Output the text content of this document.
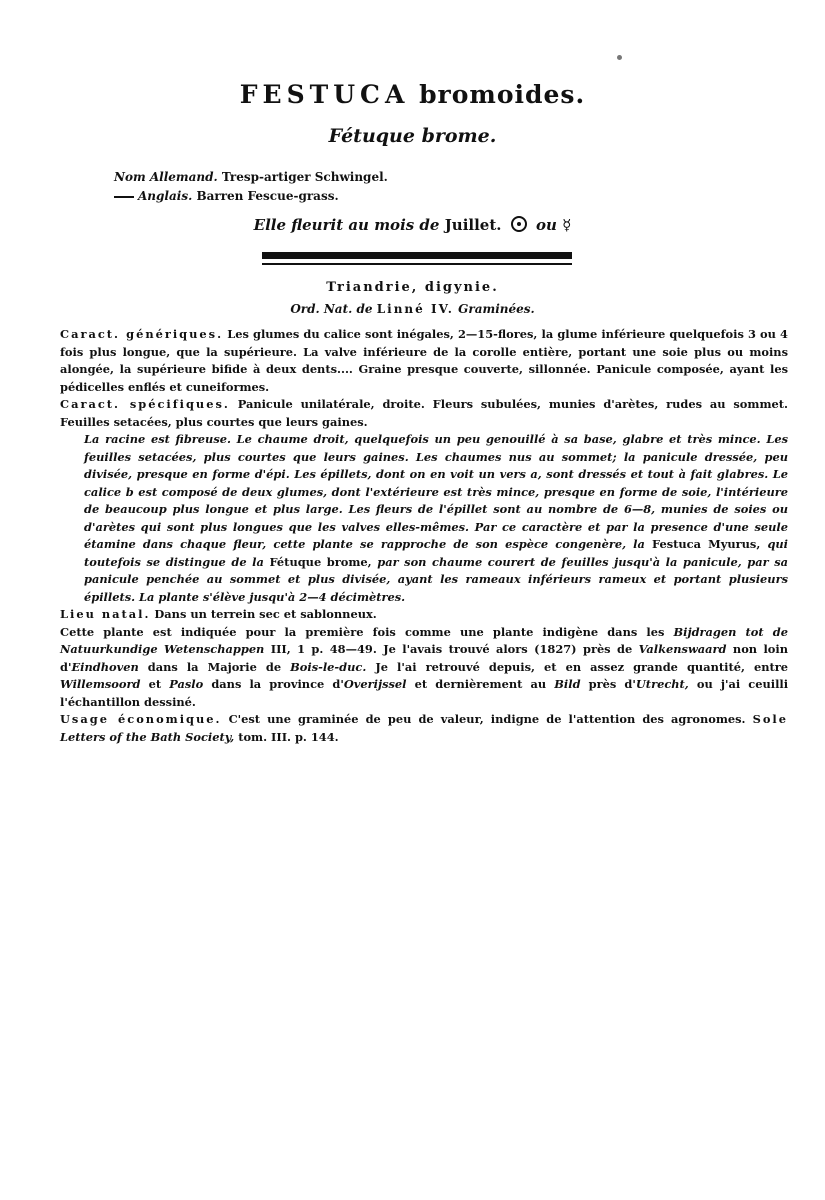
FESTUCA bromoides.
Fétuque brome.
Nom Allemand. Tresp-artiger Schwingel.
Anglais. Barren Fescue-grass.
Elle fleurit au mois de Juillet. ou ☿
Triandrie, digynie.
Ord. Nat. de Linné IV. Graminées.

Caract. génériques. Les glumes du calice sont inégales, 2—15-flores, la glume inférieure quelquefois 3 ou 4 fois plus longue, que la supérieure. La valve inférieure de la corolle entière, portant une soie plus ou moins alongée, la supérieure bifide à deux dents.... Graine presque couverte, sillonnée. Panicule composée, ayant les pédicelles enflés et cuneiformes.

Caract. spécifiques. Panicule unilatérale, droite. Fleurs subulées, munies d'arètes, rudes au sommet. Feuilles setacées, plus courtes que leurs gaines.

La racine est fibreuse. Le chaume droit, quelquefois un peu genouillé à sa base, glabre et très mince. Les feuilles setacées, plus courtes que leurs gaines. Les chaumes nus au sommet; la panicule dressée, peu divisée, presque en forme d'épi. Les épillets, dont on en voit un vers a, sont dressés et tout à fait glabres. Le calice b est composé de deux glumes, dont l'extérieure est très mince, presque en forme de soie, l'intérieure de beaucoup plus longue et plus large. Les fleurs de l'épillet sont au nombre de 6—8, munies de soies ou d'arètes qui sont plus longues que les valves elles-mêmes. Par ce caractère et par la presence d'une seule étamine dans chaque fleur, cette plante se rapproche de son espèce congenère, la Festuca Myurus, qui toutefois se distingue de la Fétuque brome, par son chaume courert de feuilles jusqu'à la panicule, par sa panicule penchée au sommet et plus divisée, ayant les rameaux inférieurs rameux et portant plusieurs épillets. La plante s'élève jusqu'à 2—4 décimètres.

Lieu natal. Dans un terrein sec et sablonneux.

Cette plante est indiquée pour la première fois comme une plante indigène dans les Bijdragen tot de Natuurkundige Wetenschappen III, 1 p. 48—49. Je l'avais trouvé alors (1827) près de Valkenswaard non loin d'Eindhoven dans la Majorie de Bois-le-duc. Je l'ai retrouvé depuis, et en assez grande quantité, entre Willemsoord et Paslo dans la province d'Overijssel et dernièrement au Bild près d'Utrecht, ou j'ai ceuilli l'échantillon dessiné.

Usage économique. C'est une graminée de peu de valeur, indigne de l'attention des agronomes. Sole Letters of the Bath Society, tom. III. p. 144.
